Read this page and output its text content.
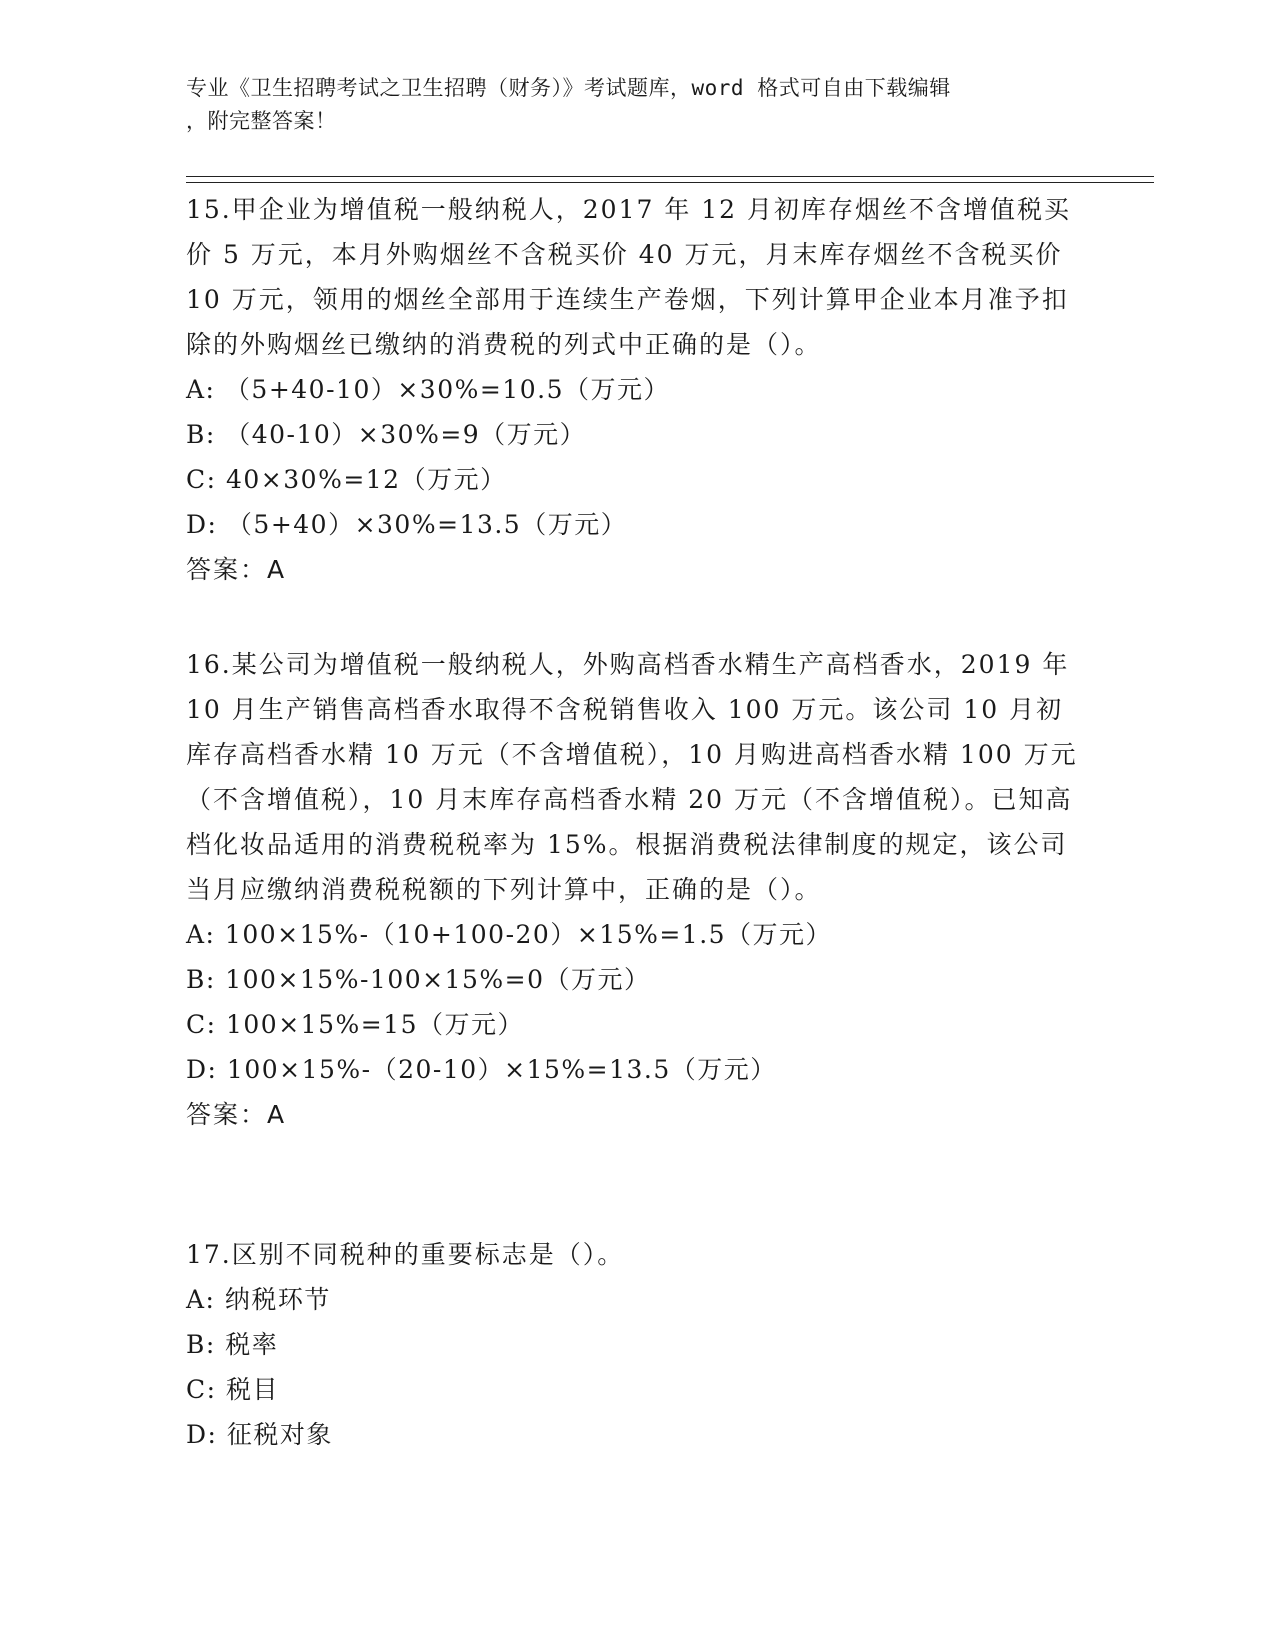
专业《卫生招聘考试之卫生招聘（财务）》考试题库，word 格式可自由下载编辑
，附完整答案！

15.甲企业为增值税一般纳税人，2017 年 12 月初库存烟丝不含增值税买价 5 万元，本月外购烟丝不含税买价 40 万元，月末库存烟丝不含税买价 10 万元，领用的烟丝全部用于连续生产卷烟，下列计算甲企业本月准予扣除的外购烟丝已缴纳的消费税的列式中正确的是（）。

A: （5+40-10）×30%=10.5（万元）

B: （40-10）×30%=9（万元）

C: 40×30%=12（万元）

D: （5+40）×30%=13.5（万元）

答案：A

16.某公司为增值税一般纳税人，外购高档香水精生产高档香水，2019 年 10 月生产销售高档香水取得不含税销售收入 100 万元。该公司 10 月初库存高档香水精 10 万元（不含增值税），10 月购进高档香水精 100 万元（不含增值税），10 月末库存高档香水精 20 万元（不含增值税）。已知高档化妆品适用的消费税税率为 15%。根据消费税法律制度的规定，该公司当月应缴纳消费税税额的下列计算中，正确的是（）。

A: 100×15%-（10+100-20）×15%=1.5（万元）

B: 100×15%-100×15%=0（万元）

C: 100×15%=15（万元）

D: 100×15%-（20-10）×15%=13.5（万元）

答案：A

17.区别不同税种的重要标志是（）。

A: 纳税环节

B: 税率

C: 税目

D: 征税对象
